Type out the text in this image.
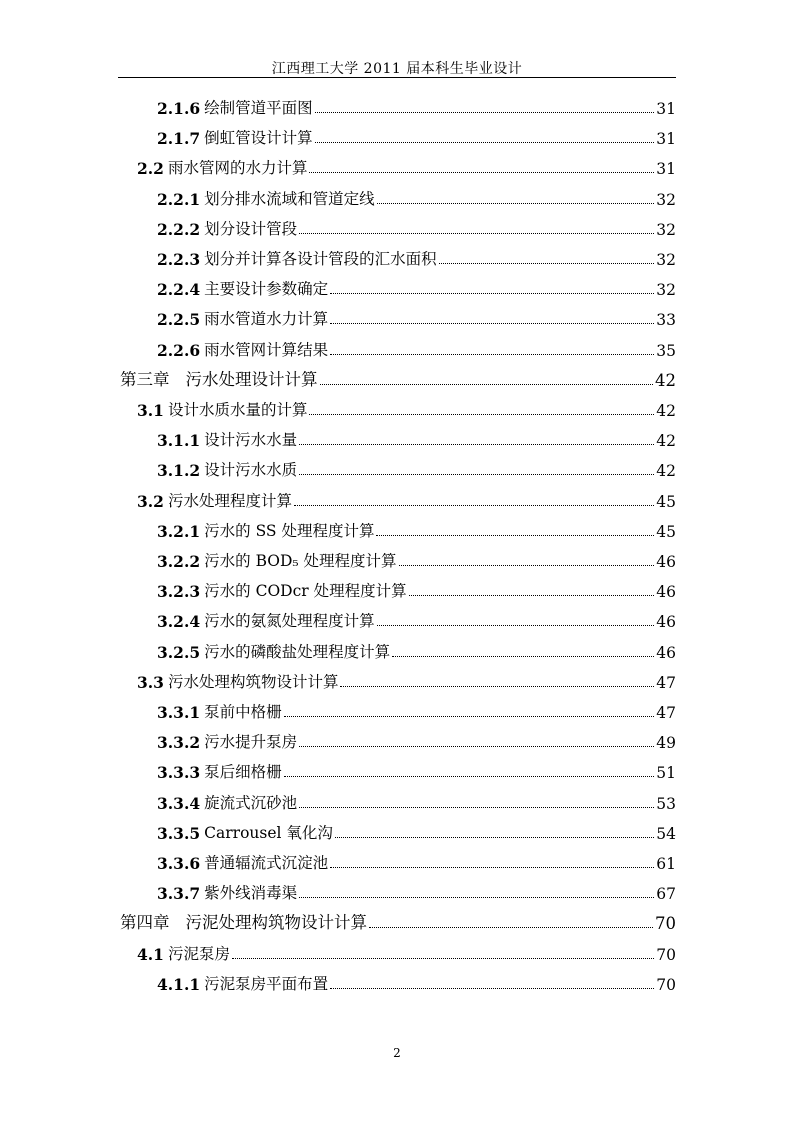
江西理工大学 2011 届本科生毕业设计
2.1.6 绘制管道平面图	31
2.1.7 倒虹管设计计算	31
2.2 雨水管网的水力计算	31
2.2.1 划分排水流域和管道定线	32
2.2.2 划分设计管段	32
2.2.3 划分并计算各设计管段的汇水面积	32
2.2.4 主要设计参数确定	32
2.2.5 雨水管道水力计算	33
2.2.6 雨水管网计算结果	35
第三章 污水处理设计计算	42
3.1 设计水质水量的计算	42
3.1.1 设计污水水量	42
3.1.2 设计污水水质	42
3.2 污水处理程度计算	45
3.2.1 污水的 SS 处理程度计算	45
3.2.2 污水的 BOD₅ 处理程度计算	46
3.2.3 污水的 CODcr 处理程度计算	46
3.2.4 污水的氨氮处理程度计算	46
3.2.5 污水的磷酸盐处理程度计算	46
3.3 污水处理构筑物设计计算	47
3.3.1 泵前中格栅	47
3.3.2 污水提升泵房	49
3.3.3 泵后细格栅	51
3.3.4 旋流式沉砂池	53
3.3.5 Carrousel 氧化沟	54
3.3.6 普通辐流式沉淀池	61
3.3.7 紫外线消毒渠	67
第四章 污泥处理构筑物设计计算	70
4.1 污泥泵房	70
4.1.1 污泥泵房平面布置	70
2
